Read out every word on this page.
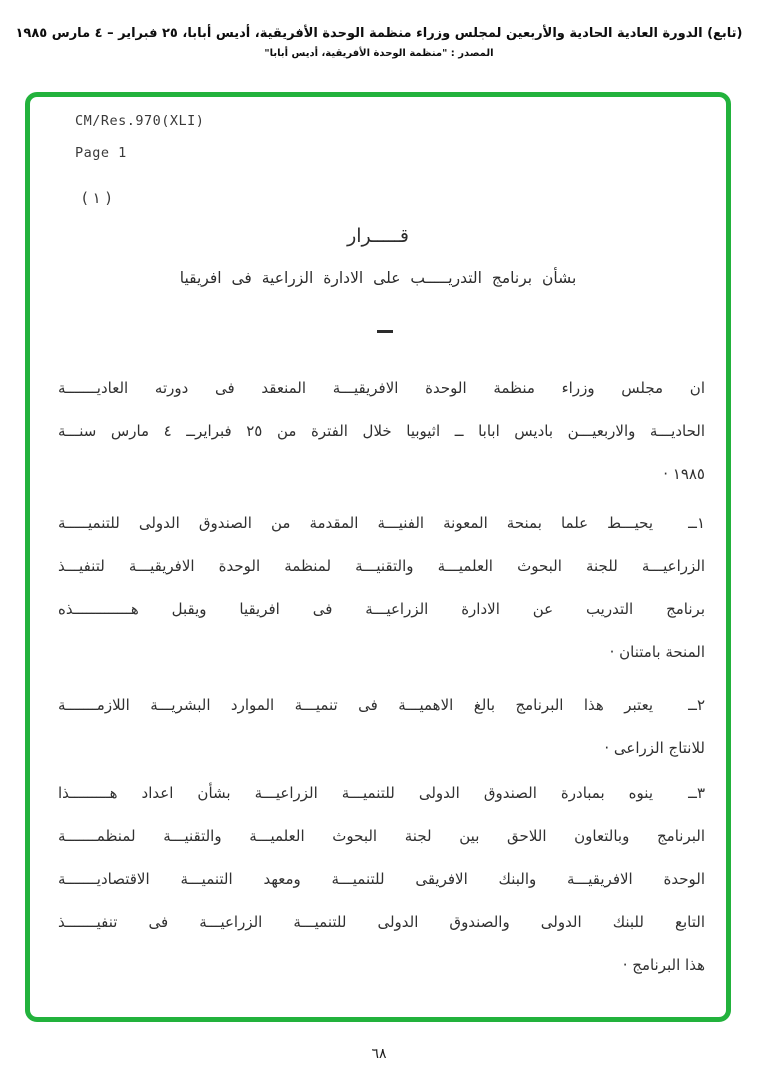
(تابع) الدورة العادية الحادية والأربعين لمجلس وزراء منظمة الوحدة الأفريقية، أديس أبابا، ٢٥ فبراير – ٤ مارس ١٩٨٥
المصدر : "منظمة الوحدة الأفريقية، أديس أبابا"
CM/Res.970(XLI)
Page 1
( ١ )
قـــــرار
بشأن برنامج التدريـــــب على الادارة الزراعية فى افريقيا
ان مجلس وزراء منظمة الوحدة الافريقيـــة المنعقد فى دورته العاديـــــــة
الحاديـــة والاربعيـــن باديس ابابا ــ اثيوبيا خلال الفترة من ٢٥ فبرايرــ ٤ مارس سنـــة
١٩٨٥ ·
١ــ
يحيـــط علما بمنحة المعونة الفنيـــة المقدمة من الصندوق الدولى للتنميـــــة
الزراعيـــة للجنة البحوث العلميـــة والتقنيـــة لمنظمة الوحدة الافريقيـــة لتنفيـــذ
برنامج التدريب عن الادارة الزراعيـــة فى افريقيا ويقبل هـــــــــــــذه
المنحة بامتنان ·
٢ــ
يعتبر هذا البرنامج بالغ الاهميـــة فى تنميـــة الموارد البشريـــة اللازمـــــــة
للانتاج الزراعى ·
٣ــ
ينوه بمبادرة الصندوق الدولى للتنميـــة الزراعيـــة بشأن اعداد هـــــــــذا
البرنامج وبالتعاون اللاحق بين لجنة البحوث العلميـــة والتقنيـــة لمنظمـــــــة
الوحدة الافريقيـــة والبنك الافريقى للتنميـــة ومعهد التنميـــة الاقتصاديـــــــة
التابع للبنك الدولى والصندوق الدولى للتنميـــة الزراعيـــة فى تنفيـــــــذ
هذا البرنامج ·
٦٨
